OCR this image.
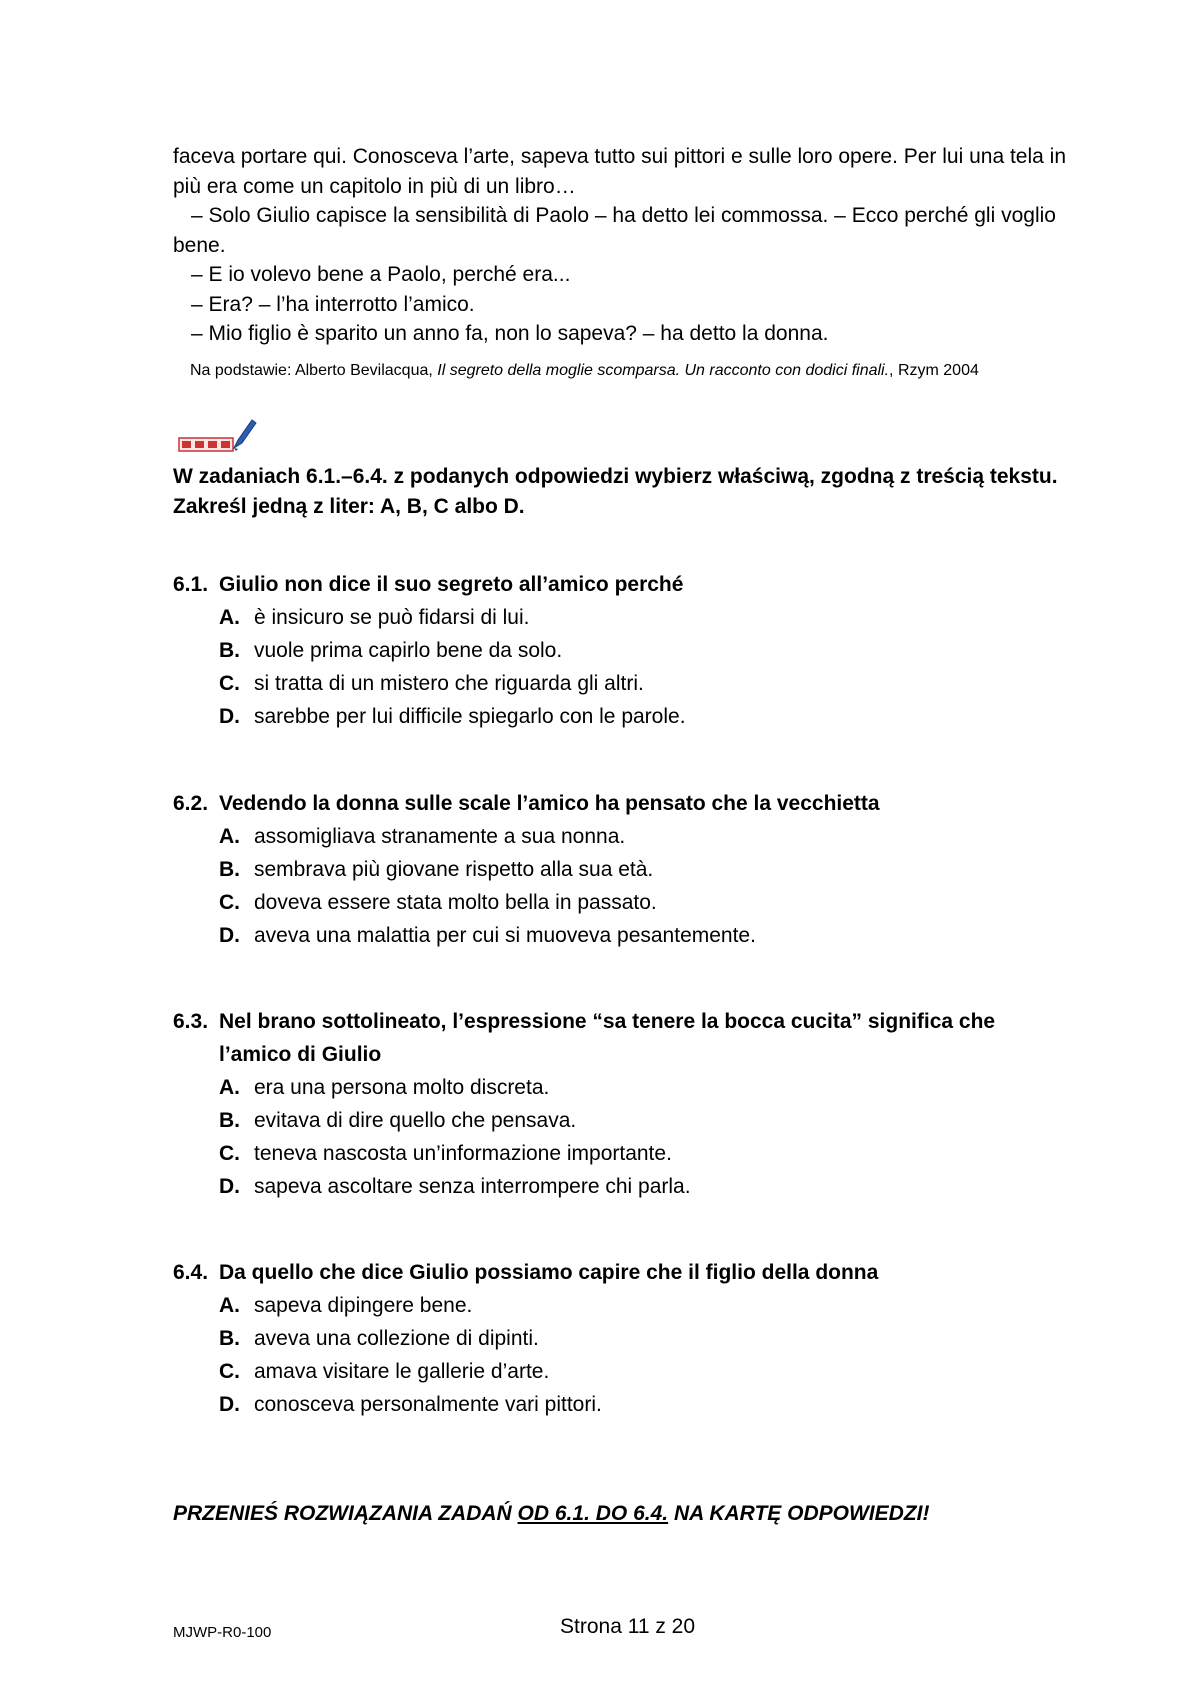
faceva portare qui. Conosceva l’arte, sapeva tutto sui pittori e sulle loro opere. Per lui una tela in più era come un capitolo in più di un libro…

– Solo Giulio capisce la sensibilità di Paolo – ha detto lei commossa. – Ecco perché gli voglio bene.

– E io volevo bene a Paolo, perché era...

– Era? – l’ha interrotto l’amico.

– Mio figlio è sparito un anno fa, non lo sapeva? – ha detto la donna.

Na podstawie: Alberto Bevilacqua, Il segreto della moglie scomparsa. Un racconto con dodici finali., Rzym 2004

W zadaniach 6.1.–6.4. z podanych odpowiedzi wybierz właściwą, zgodną z treścią tekstu. Zakreśl jedną z liter: A, B, C albo D.

6.1. Giulio non dice il suo segreto all’amico perché
A. è insicuro se può fidarsi di lui.
B. vuole prima capirlo bene da solo.
C. si tratta di un mistero che riguarda gli altri.
D. sarebbe per lui difficile spiegarlo con le parole.
6.2. Vedendo la donna sulle scale l’amico ha pensato che la vecchietta
A. assomigliava stranamente a sua nonna.
B. sembrava più giovane rispetto alla sua età.
C. doveva essere stata molto bella in passato.
D. aveva una malattia per cui si muoveva pesantemente.
6.3. Nel brano sottolineato, l’espressione “sa tenere la bocca cucita” significa che l’amico di Giulio
A. era una persona molto discreta.
B. evitava di dire quello che pensava.
C. teneva nascosta un’informazione importante.
D. sapeva ascoltare senza interrompere chi parla.
6.4. Da quello che dice Giulio possiamo capire che il figlio della donna
A. sapeva dipingere bene.
B. aveva una collezione di dipinti.
C. amava visitare le gallerie d’arte.
D. conosceva personalmente vari pittori.
PRZENIEŚ ROZWIĄZANIA ZADAŃ OD 6.1. DO 6.4. NA KARTĘ ODPOWIEDZI!
MJWP-R0-100	Strona 11 z 20
